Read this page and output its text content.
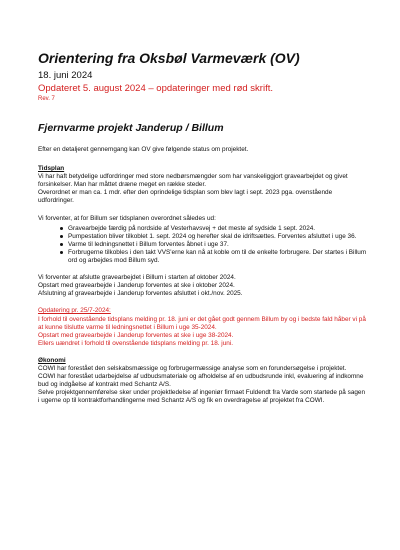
Orientering fra Oksbøl Varmeværk (OV)
18. juni 2024
Opdateret 5. august 2024 – opdateringer med rød skrift.
Rev. 7
Fjernvarme projekt Janderup / Billum
Efter en detaljeret gennemgang kan OV give følgende status om projektet.
Tidsplan
Vi har haft betydelige udfordringer med store nedbørsmængder som har vanskeliggjort gravearbejdet og givet forsinkelser. Man har måttet dræne meget en række steder.
Overordnet er man ca. 1 mdr. efter den oprindelige tidsplan som blev lagt i sept. 2023 pga. ovenstående udfordringer.
Vi forventer, at for Billum ser tidsplanen overordnet således ud:
Gravearbejde færdig på nordside af Vesterhavsvej + det meste af sydside 1 sept. 2024.
Pumpestation bliver tilkoblet 1. sept. 2024 og herefter skal de idriftsættes. Forventes afsluttet i uge 36.
Varme til ledningsnettet i Billum forventes åbnet i uge 37.
Forbrugerne tilkobles i den takt VVS'erne kan nå at koble om til de enkelte forbrugere. Der startes i Billum ord og arbejdes mod Billum syd.
Vi forventer at afslutte gravearbejdet i Billum i starten af oktober 2024.
Opstart med gravearbejde i Janderup forventes at ske i oktober 2024.
Afslutning af gravearbejde i Janderup forventes afsluttet i okt./nov. 2025.
Opdatering pr. 25/7-2024:
I forhold til ovenstående tidsplans melding pr. 18. juni er det gået godt gennem Billum by og i bedste fald håber vi på at kunne tilslutte varme til ledningsnettet i Billum i uge 35-2024.
Opstart med gravearbejde i Janderup forventes at ske i uge 38-2024.
Ellers uændret i forhold til ovenstående tidsplans melding pr. 18. juni.
Økonomi
COWI har forestået den selskabsmæssige og forbrugermæssige analyse som en forundersøgelse i projektet.
COWI har forestået udarbejdelse af udbudsmateriale og afholdelse af en udbudsrunde inkl, evaluering af indkomne bud og indgåelse af kontrakt med Schantz A/S.
Selve projektgennemførelse sker under projektledelse af ingeniør firmaet Fuldendt fra Varde som startede på sagen i ugerne op til kontraktforhandlingerne med Schantz A/S og fik en overdragelse af projektet fra COWI.
